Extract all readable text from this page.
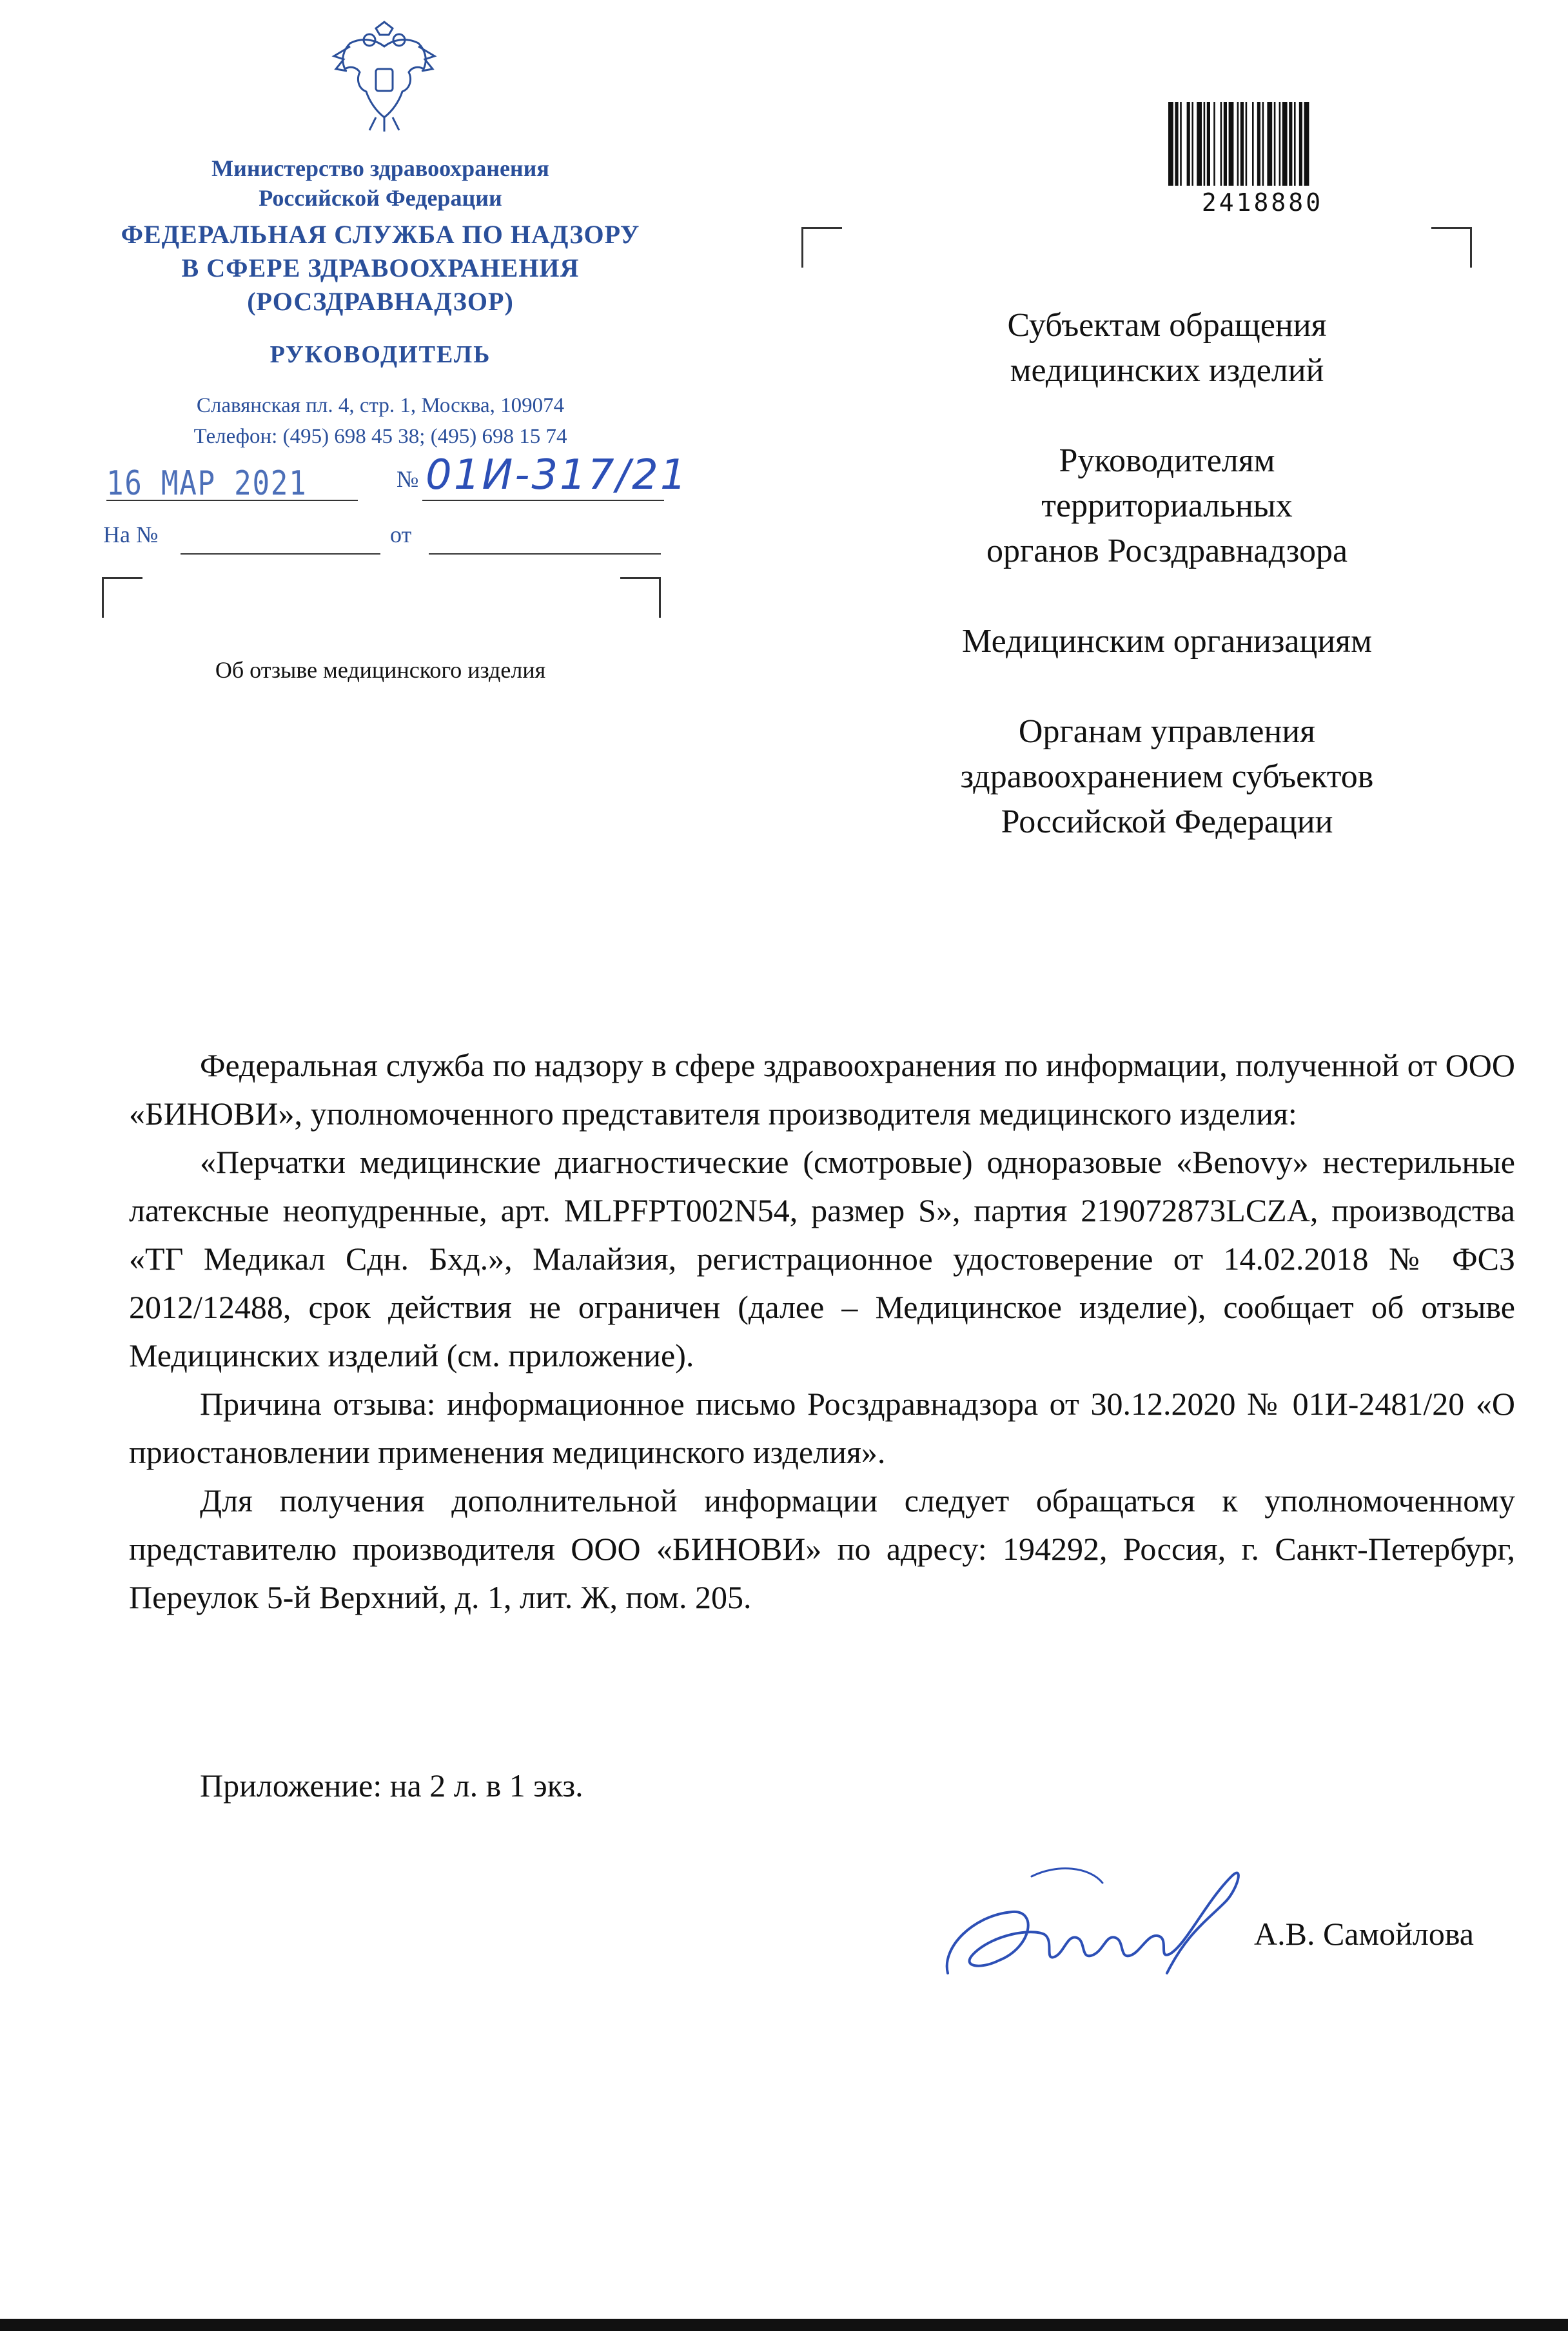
Министерство здравоохранения
Российской Федерации
ФЕДЕРАЛЬНАЯ СЛУЖБА ПО НАДЗОРУ
В СФЕРЕ ЗДРАВООХРАНЕНИЯ
(РОСЗДРАВНАДЗОР)
РУКОВОДИТЕЛЬ
Славянская пл. 4, стр. 1, Москва, 109074
Телефон: (495) 698 45 38; (495) 698 15 74
16 МАР 2021	№ 01И-317/21
На №	от
Об отзыве медицинского изделия
2418880
Субъектам обращения
медицинских изделий
Руководителям
территориальных
органов Росздравнадзора
Медицинским организациям
Органам управления
здравоохранением субъектов
Российской Федерации

Федеральная служба по надзору в сфере здравоохранения по информации, полученной от ООО «БИНОВИ», уполномоченного представителя производителя медицинского изделия:

«Перчатки медицинские диагностические (смотровые) одноразовые «Benovy» нестерильные латексные неопудренные, арт. MLPFPT002N54, размер S», партия 219072873LCZA, производства «ТГ Медикал Сдн. Бхд.», Малайзия, регистрационное удостоверение от 14.02.2018 № ФСЗ 2012/12488, срок действия не ограничен (далее – Медицинское изделие), сообщает об отзыве Медицинских изделий (см. приложение).

Причина отзыва: информационное письмо Росздравнадзора от 30.12.2020 № 01И-2481/20 «О приостановлении применения медицинского изделия».

Для получения дополнительной информации следует обращаться к уполномоченному представителю производителя ООО «БИНОВИ» по адресу: 194292, Россия, г. Санкт-Петербург, Переулок 5-й Верхний, д. 1, лит. Ж, пом. 205.

Приложение: на 2 л. в 1 экз.
А.В. Самойлова
